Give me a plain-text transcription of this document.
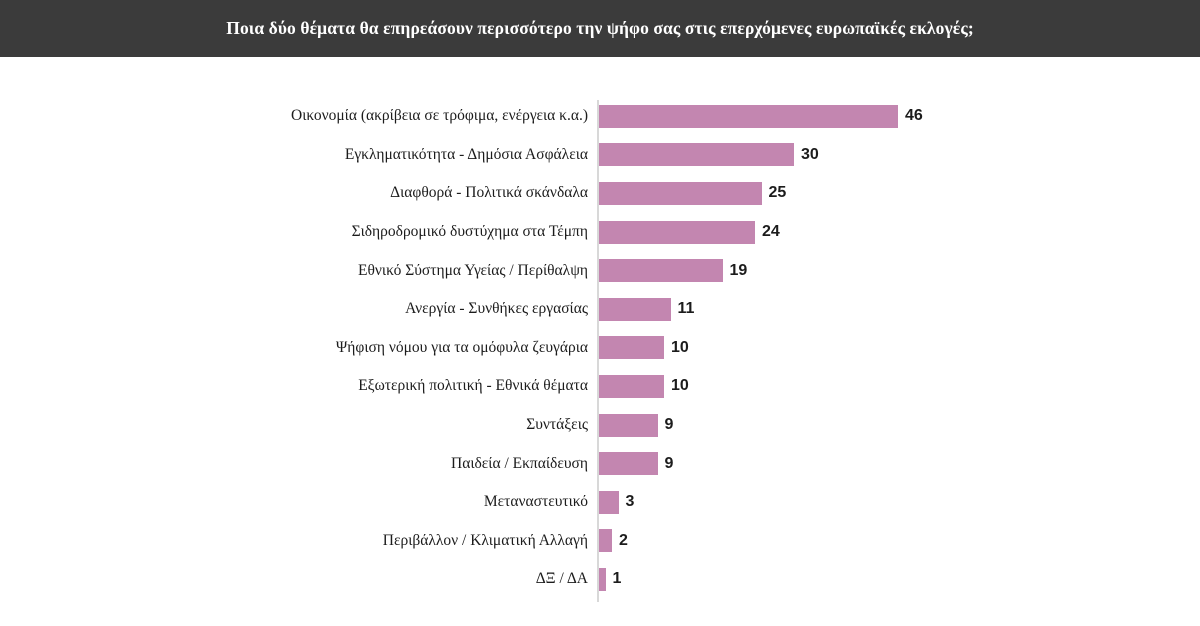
Ποια δύο θέματα θα επηρεάσουν περισσότερο την ψήφο σας στις επερχόμενες ευρωπαϊκές εκλογές;
Οικονομία (ακρίβεια σε τρόφιμα, ενέργεια κ.α.)	46
Εγκληματικότητα - Δημόσια Ασφάλεια	30
Διαφθορά - Πολιτικά σκάνδαλα	25
Σιδηροδρομικό δυστύχημα στα Τέμπη	24
Εθνικό Σύστημα Υγείας / Περίθαλψη	19
Ανεργία - Συνθήκες εργασίας	11
Ψήφιση νόμου για τα ομόφυλα ζευγάρια	10
Εξωτερική πολιτική - Εθνικά θέματα	10
Συντάξεις	9
Παιδεία / Εκπαίδευση	9
Μεταναστευτικό 3
Περιβάλλον / Κλιματική Αλλαγή 2
ΔΞ / ΔΑ 1
